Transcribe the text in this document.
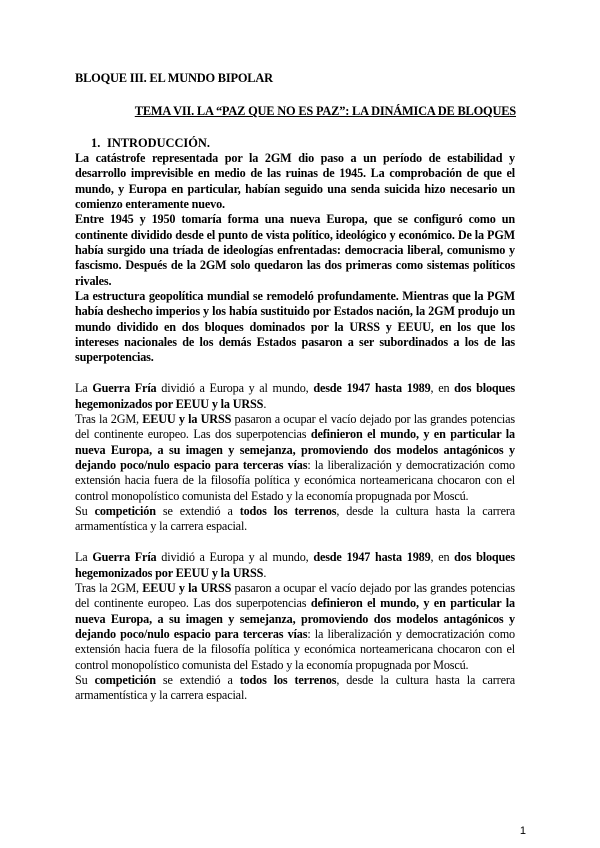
BLOQUE III. EL MUNDO BIPOLAR

TEMA VII. LA “PAZ QUE NO ES PAZ”: LA DINÁMICA DE BLOQUES

1. INTRODUCCIÓN.

La catástrofe representada por la 2GM dio paso a un período de estabilidad y desarrollo imprevisible en medio de las ruinas de 1945. La comprobación de que el mundo, y Europa en particular, habían seguido una senda suicida hizo necesario un comienzo enteramente nuevo.

Entre 1945 y 1950 tomaría forma una nueva Europa, que se configuró como un continente dividido desde el punto de vista político, ideológico y económico. De la PGM había surgido una tríada de ideologías enfrentadas: democracia liberal, comunismo y fascismo. Después de la 2GM solo quedaron las dos primeras como sistemas políticos rivales.

La estructura geopolítica mundial se remodeló profundamente. Mientras que la PGM había deshecho imperios y los había sustituido por Estados nación, la 2GM produjo un mundo dividido en dos bloques dominados por la URSS y EEUU, en los que los intereses nacionales de los demás Estados pasaron a ser subordinados a los de las superpotencias.

La Guerra Fría dividió a Europa y al mundo, desde 1947 hasta 1989, en dos bloques hegemonizados por EEUU y la URSS.

Tras la 2GM, EEUU y la URSS pasaron a ocupar el vacío dejado por las grandes potencias del continente europeo. Las dos superpotencias definieron el mundo, y en particular la nueva Europa, a su imagen y semejanza, promoviendo dos modelos antagónicos y dejando poco/nulo espacio para terceras vías: la liberalización y democratización como extensión hacia fuera de la filosofía política y económica norteamericana chocaron con el control monopolístico comunista del Estado y la economía propugnada por Moscú.

Su competición se extendió a todos los terrenos, desde la cultura hasta la carrera armamentística y la carrera espacial.

La Guerra Fría dividió a Europa y al mundo, desde 1947 hasta 1989, en dos bloques hegemonizados por EEUU y la URSS.

Tras la 2GM, EEUU y la URSS pasaron a ocupar el vacío dejado por las grandes potencias del continente europeo. Las dos superpotencias definieron el mundo, y en particular la nueva Europa, a su imagen y semejanza, promoviendo dos modelos antagónicos y dejando poco/nulo espacio para terceras vías: la liberalización y democratización como extensión hacia fuera de la filosofía política y económica norteamericana chocaron con el control monopolístico comunista del Estado y la economía propugnada por Moscú.

Su competición se extendió a todos los terrenos, desde la cultura hasta la carrera armamentística y la carrera espacial.

1
